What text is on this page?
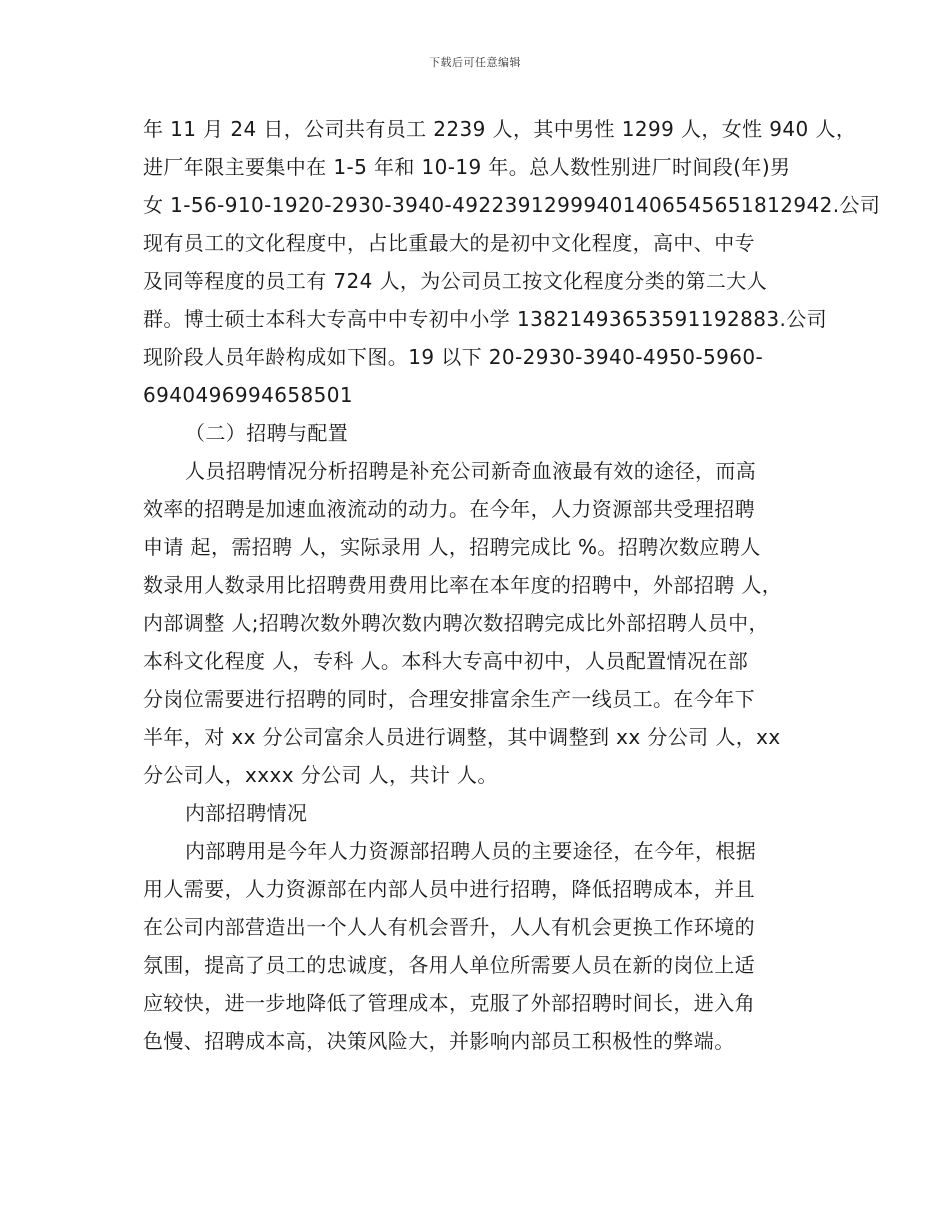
下载后可任意编辑
年 11 月 24 日，公司共有员工 2239 人，其中男性 1299 人，女性 940 人，
进厂年限主要集中在 1-5 年和 10-19 年。总人数性别进厂时间段(年)男
女 1-56-910-1920-2930-3940-49223912999401406545651812942.公司
现有员工的文化程度中，占比重最大的是初中文化程度，高中、中专
及同等程度的员工有 724 人，为公司员工按文化程度分类的第二大人
群。博士硕士本科大专高中中专初中小学 13821493653591192883.公司
现阶段人员年龄构成如下图。19 以下 20-2930-3940-4950-5960-
6940496994658501
（二）招聘与配置
人员招聘情况分析招聘是补充公司新奇血液最有效的途径，而高
效率的招聘是加速血液流动的动力。在今年，人力资源部共受理招聘
申请 起，需招聘 人，实际录用 人，招聘完成比 %。招聘次数应聘人
数录用人数录用比招聘费用费用比率在本年度的招聘中，外部招聘 人，
内部调整 人;招聘次数外聘次数内聘次数招聘完成比外部招聘人员中，
本科文化程度 人，专科 人。本科大专高中初中，人员配置情况在部
分岗位需要进行招聘的同时，合理安排富余生产一线员工。在今年下
半年，对 xx 分公司富余人员进行调整，其中调整到 xx 分公司 人，xx
分公司人，xxxx 分公司 人，共计 人。
内部招聘情况
内部聘用是今年人力资源部招聘人员的主要途径，在今年，根据
用人需要，人力资源部在内部人员中进行招聘，降低招聘成本，并且
在公司内部营造出一个人人有机会晋升，人人有机会更换工作环境的
氛围，提高了员工的忠诚度，各用人单位所需要人员在新的岗位上适
应较快，进一步地降低了管理成本，克服了外部招聘时间长，进入角
色慢、招聘成本高，决策风险大，并影响内部员工积极性的弊端。
